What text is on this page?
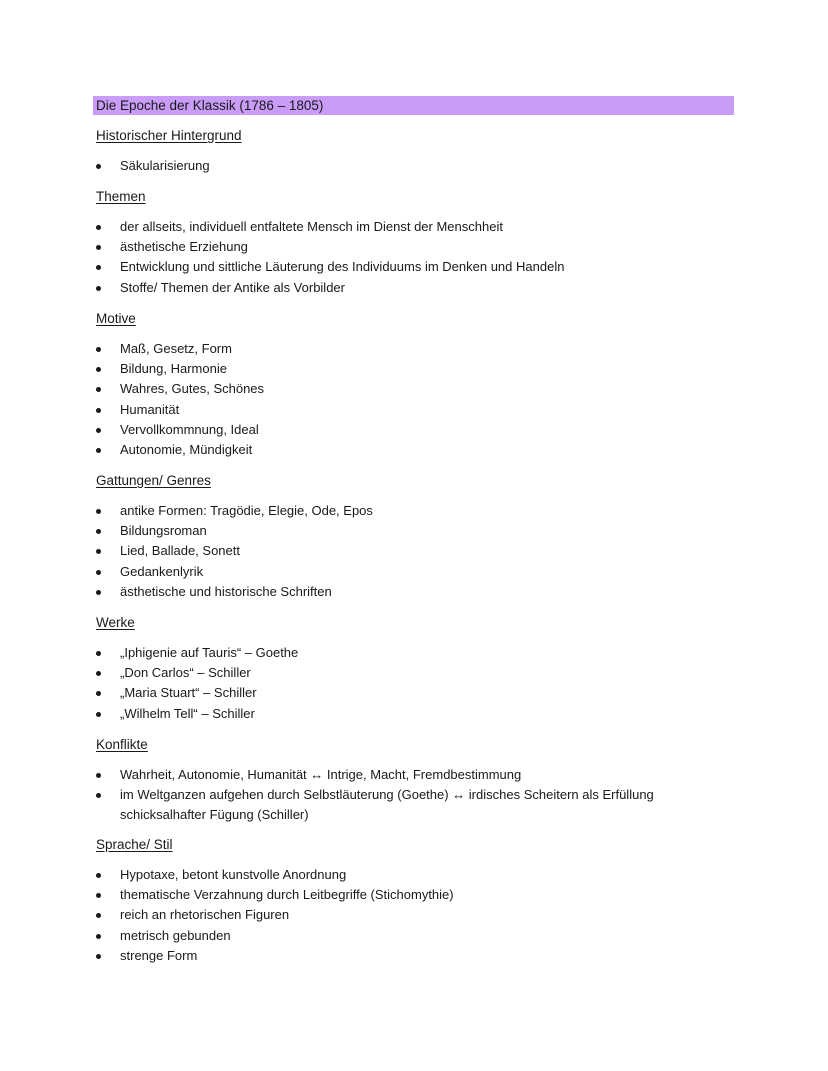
Die Epoche der Klassik (1786 – 1805)
Historischer Hintergrund
Säkularisierung
Themen
der allseits, individuell entfaltete Mensch im Dienst der Menschheit
ästhetische Erziehung
Entwicklung und sittliche Läuterung des Individuums im Denken und Handeln
Stoffe/ Themen der Antike als Vorbilder
Motive
Maß, Gesetz, Form
Bildung, Harmonie
Wahres, Gutes, Schönes
Humanität
Vervollkommnung, Ideal
Autonomie, Mündigkeit
Gattungen/ Genres
antike Formen: Tragödie, Elegie, Ode, Epos
Bildungsroman
Lied, Ballade, Sonett
Gedankenlyrik
ästhetische und historische Schriften
Werke
„Iphigenie auf Tauris“ – Goethe
„Don Carlos“ – Schiller
„Maria Stuart“ – Schiller
„Wilhelm Tell“ – Schiller
Konflikte
Wahrheit, Autonomie, Humanität ↔ Intrige, Macht, Fremdbestimmung
im Weltganzen aufgehen durch Selbstläuterung (Goethe) ↔ irdisches Scheitern als Erfüllung schicksalhafter Fügung (Schiller)
Sprache/ Stil
Hypotaxe, betont kunstvolle Anordnung
thematische Verzahnung durch Leitbegriffe (Stichomythie)
reich an rhetorischen Figuren
metrisch gebunden
strenge Form
